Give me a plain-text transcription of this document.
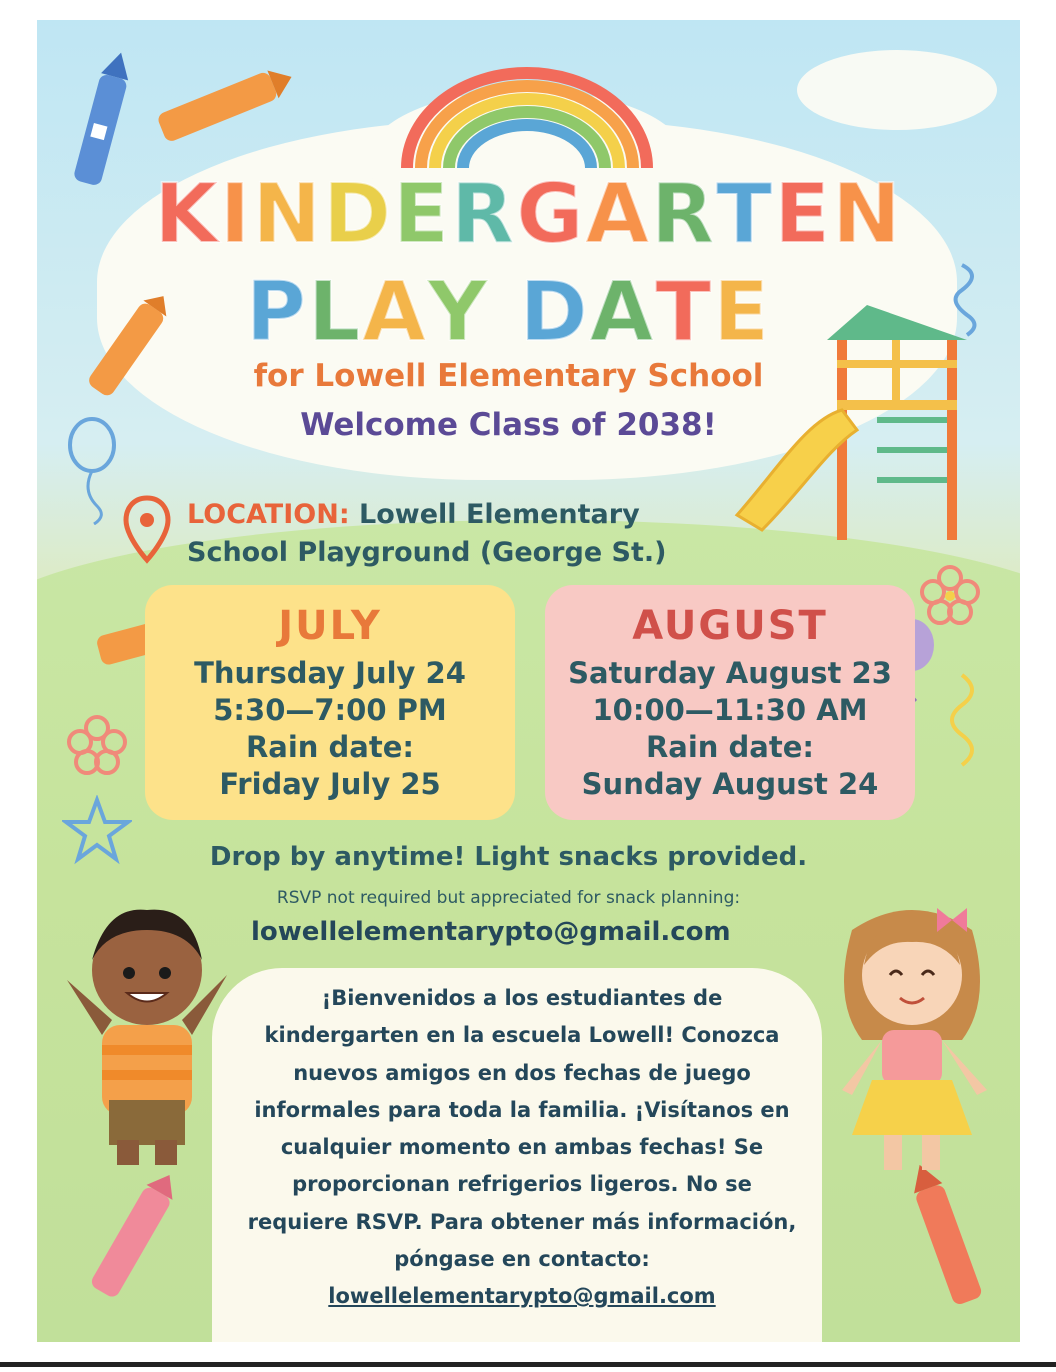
KINDERGARTEN
PLAY DATE
for Lowell Elementary School
Welcome Class of 2038!
LOCATION: Lowell Elementary
School Playground (George St.)
JULY
Thursday July 24
5:30—7:00 PM
Rain date:
Friday July 25
AUGUST
Saturday August 23
10:00—11:30 AM
Rain date:
Sunday August 24
Drop by anytime! Light snacks provided.
RSVP not required but appreciated for snack planning:
lowellelementarypto@gmail.com
¡Bienvenidos a los estudiantes de kindergarten en la escuela Lowell! Conozca nuevos amigos en dos fechas de juego informales para toda la familia. ¡Visítanos en cualquier momento en ambas fechas! Se proporcionan refrigerios ligeros. No se requiere RSVP. Para obtener más información, póngase en contacto: lowellelementarypto@gmail.com
